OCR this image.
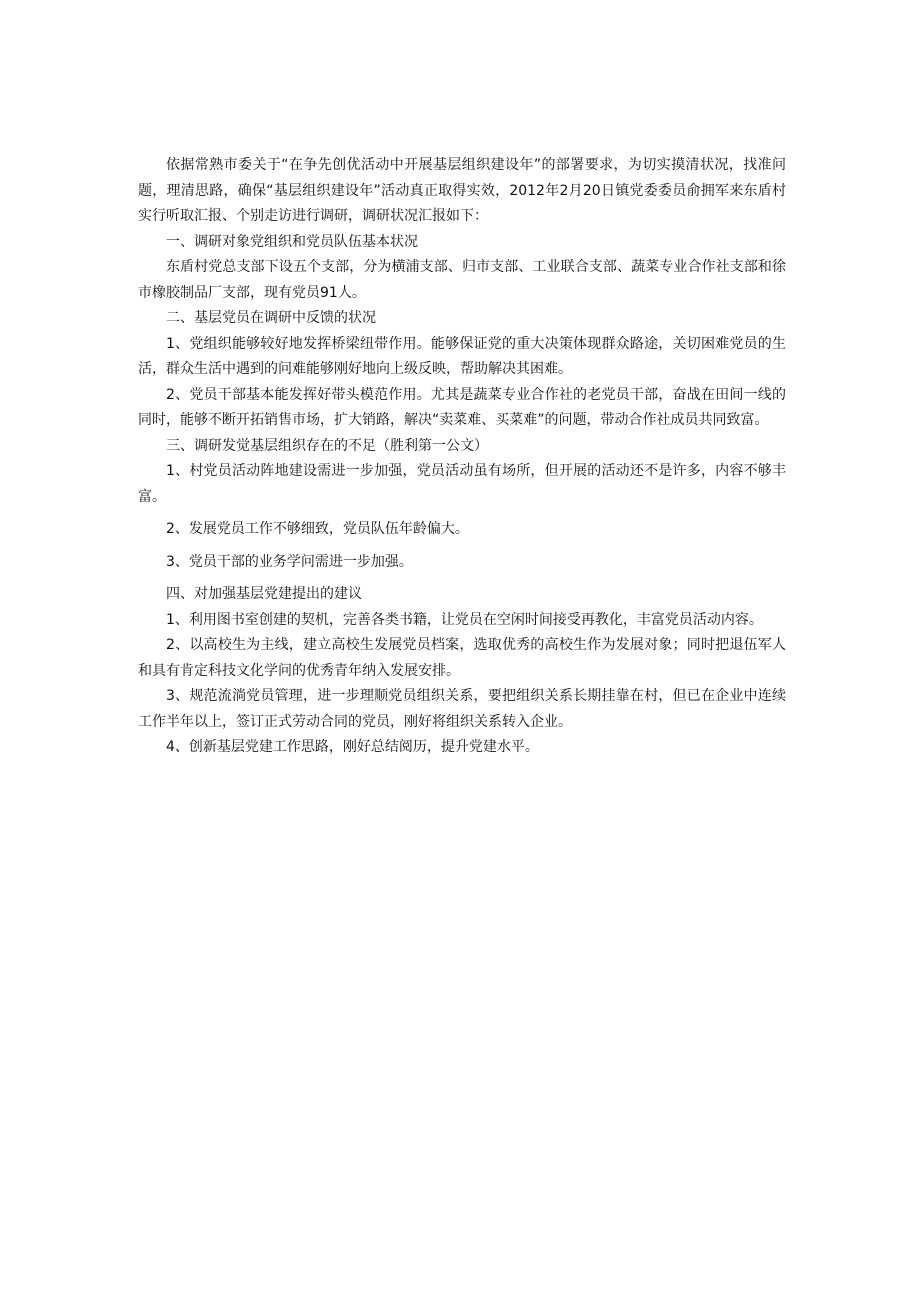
依据常熟市委关于“在争先创优活动中开展基层组织建设年”的部署要求，为切实摸清状况，找准问题，理清思路，确保“基层组织建设年”活动真正取得实效，2012年2月20日镇党委委员俞拥军来东盾村实行听取汇报、个别走访进行调研，调研状况汇报如下：

一、调研对象党组织和党员队伍基本状况

东盾村党总支部下设五个支部，分为横浦支部、归市支部、工业联合支部、蔬菜专业合作社支部和徐市橡胶制品厂支部，现有党员91人。

二、基层党员在调研中反馈的状况

1、党组织能够较好地发挥桥梁纽带作用。能够保证党的重大决策体现群众路途，关切困难党员的生活，群众生活中遇到的问难能够刚好地向上级反映，帮助解决其困难。

2、党员干部基本能发挥好带头模范作用。尤其是蔬菜专业合作社的老党员干部，奋战在田间一线的同时，能够不断开拓销售市场，扩大销路，解决“卖菜难、买菜难”的问题，带动合作社成员共同致富。

三、调研发觉基层组织存在的不足（胜利第一公文）

1、村党员活动阵地建设需进一步加强，党员活动虽有场所，但开展的活动还不是许多，内容不够丰富。

2、发展党员工作不够细致，党员队伍年龄偏大。

3、党员干部的业务学问需进一步加强。

四、对加强基层党建提出的建议

1、利用图书室创建的契机，完善各类书籍，让党员在空闲时间接受再教化，丰富党员活动内容。

2、以高校生为主线，建立高校生发展党员档案，选取优秀的高校生作为发展对象；同时把退伍军人和具有肯定科技文化学问的优秀青年纳入发展安排。

3、规范流淌党员管理，进一步理顺党员组织关系，要把组织关系长期挂靠在村，但已在企业中连续工作半年以上，签订正式劳动合同的党员，刚好将组织关系转入企业。

4、创新基层党建工作思路，刚好总结阅历，提升党建水平。
